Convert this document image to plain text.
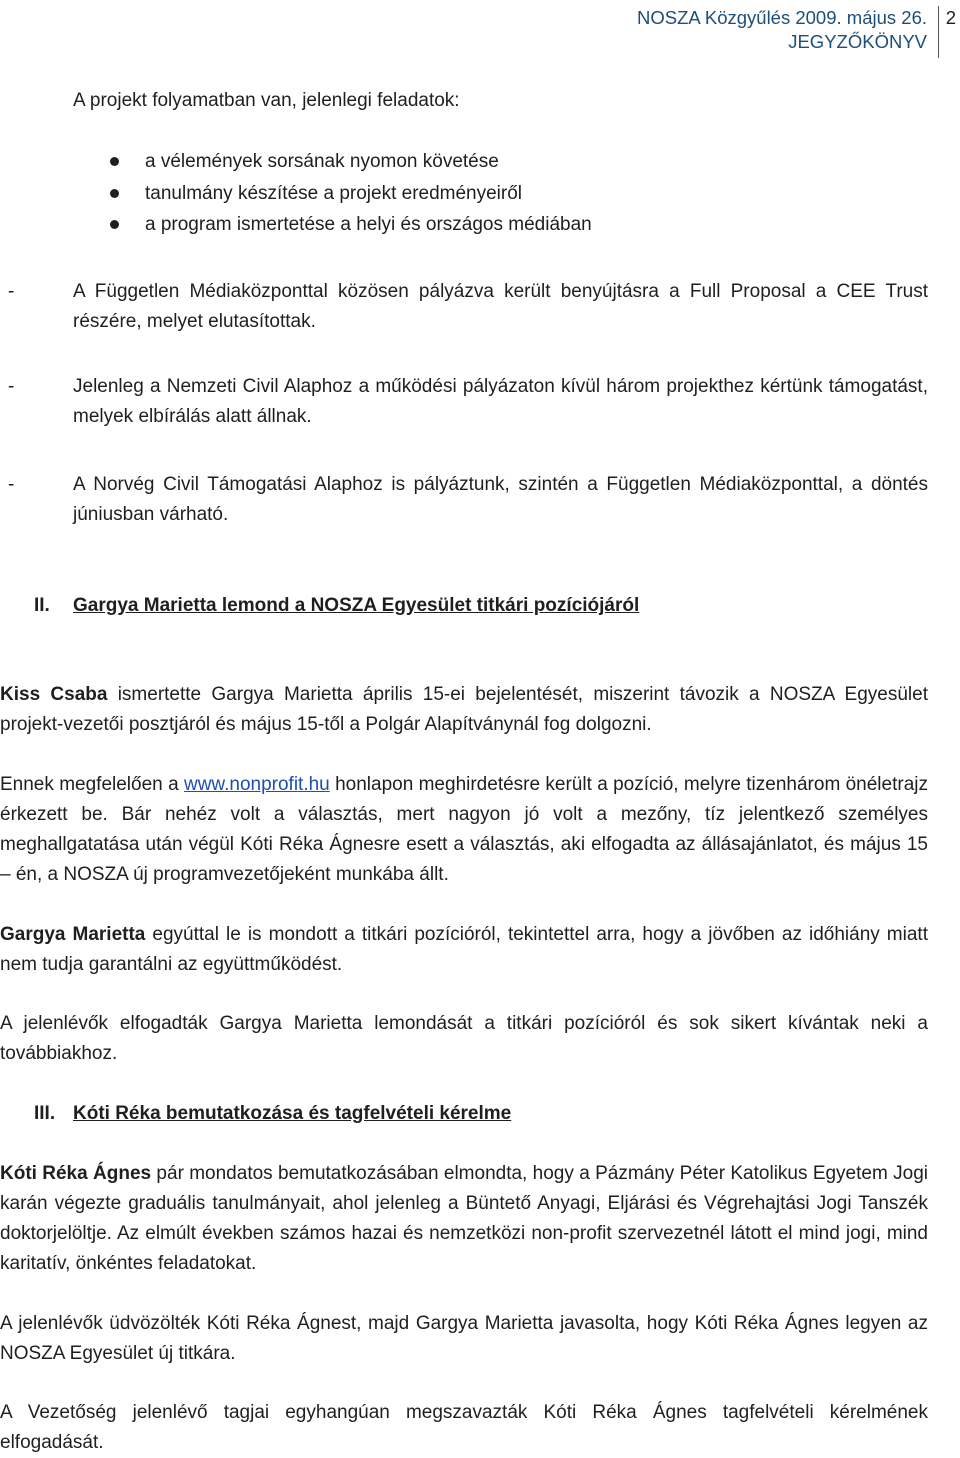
NOSZA Közgyűlés 2009. május 26.
JEGYZŐKÖNYV
2

A projekt folyamatban van, jelenlegi feladatok:

a vélemények sorsának nyomon követése
tanulmány készítése a projekt eredményeiről
a program ismertetése a helyi és országos médiában
-	A Független Médiaközponttal közösen pályázva került benyújtásra a Full Proposal a CEE Trust részére, melyet elutasítottak.
-	Jelenleg a Nemzeti Civil Alaphoz a működési pályázaton kívül három projekthez kértünk támogatást, melyek elbírálás alatt állnak.
-	A Norvég Civil Támogatási Alaphoz is pályáztunk, szintén a Független Médiaközponttal, a döntés júniusban várható.
II. Gargya Marietta lemond a NOSZA Egyesület titkári pozíciójáról

Kiss Csaba ismertette Gargya Marietta április 15-ei bejelentését, miszerint távozik a NOSZA Egyesület projekt-vezetői posztjáról és május 15-től a Polgár Alapítványnál fog dolgozni.

Ennek megfelelően a www.nonprofit.hu honlapon meghirdetésre került a pozíció, melyre tizenhárom önéletrajz érkezett be. Bár nehéz volt a választás, mert nagyon jó volt a mezőny, tíz jelentkező személyes meghallgatatása után végül Kóti Réka Ágnesre esett a választás, aki elfogadta az állásajánlatot, és május 15 – én, a NOSZA új programvezetőjeként munkába állt.

Gargya Marietta egyúttal le is mondott a titkári pozícióról, tekintettel arra, hogy a jövőben az időhiány miatt nem tudja garantálni az együttműködést.

A jelenlévők elfogadták Gargya Marietta lemondását a titkári pozícióról és sok sikert kívántak neki a továbbiakhoz.

III. Kóti Réka bemutatkozása és tagfelvételi kérelme

Kóti Réka Ágnes pár mondatos bemutatkozásában elmondta, hogy a Pázmány Péter Katolikus Egyetem Jogi karán végezte graduális tanulmányait, ahol jelenleg a Büntető Anyagi, Eljárási és Végrehajtási Jogi Tanszék doktorjelöltje. Az elmúlt években számos hazai és nemzetközi non-profit szervezetnél látott el mind jogi, mind karitatív, önkéntes feladatokat.

A jelenlévők üdvözölték Kóti Réka Ágnest, majd Gargya Marietta javasolta, hogy Kóti Réka Ágnes legyen az NOSZA Egyesület új titkára.

A Vezetőség jelenlévő tagjai egyhangúan megszavazták Kóti Réka Ágnes tagfelvételi kérelmének elfogadását.
